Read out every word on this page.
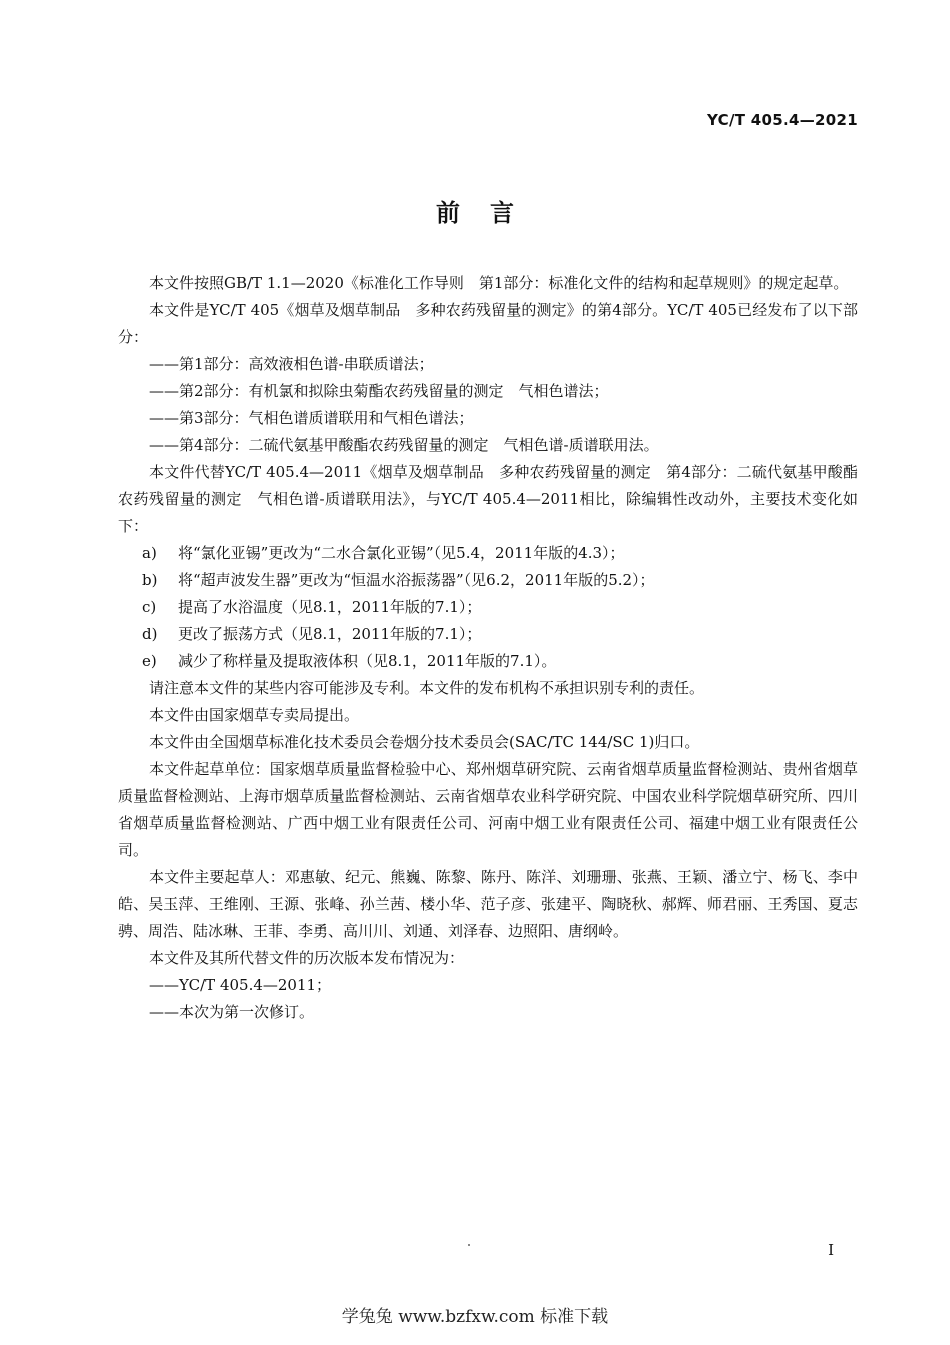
YC/T 405.4—2021
前言

本文件按照GB/T 1.1—2020《标准化工作导则　第1部分：标准化文件的结构和起草规则》的规定起草。

本文件是YC/T 405《烟草及烟草制品　多种农药残留量的测定》的第4部分。YC/T 405已经发布了以下部分：

——第1部分：高效液相色谱-串联质谱法；

——第2部分：有机氯和拟除虫菊酯农药残留量的测定　气相色谱法；

——第3部分：气相色谱质谱联用和气相色谱法；

——第4部分：二硫代氨基甲酸酯农药残留量的测定　气相色谱-质谱联用法。

本文件代替YC/T 405.4—2011《烟草及烟草制品　多种农药残留量的测定　第4部分：二硫代氨基甲酸酯农药残留量的测定　气相色谱-质谱联用法》，与YC/T 405.4—2011相比，除编辑性改动外，主要技术变化如下：

a)	将“氯化亚锡”更改为“二水合氯化亚锡”（见5.4，2011年版的4.3）；

b)	将“超声波发生器”更改为“恒温水浴振荡器”（见6.2，2011年版的5.2）；

c)	提高了水浴温度（见8.1，2011年版的7.1）；

d)	更改了振荡方式（见8.1，2011年版的7.1）；

e)	减少了称样量及提取液体积（见8.1，2011年版的7.1）。

请注意本文件的某些内容可能涉及专利。本文件的发布机构不承担识别专利的责任。

本文件由国家烟草专卖局提出。

本文件由全国烟草标准化技术委员会卷烟分技术委员会(SAC/TC 144/SC 1)归口。

本文件起草单位：国家烟草质量监督检验中心、郑州烟草研究院、云南省烟草质量监督检测站、贵州省烟草质量监督检测站、上海市烟草质量监督检测站、云南省烟草农业科学研究院、中国农业科学院烟草研究所、四川省烟草质量监督检测站、广西中烟工业有限责任公司、河南中烟工业有限责任公司、福建中烟工业有限责任公司。

本文件主要起草人：邓惠敏、纪元、熊巍、陈黎、陈丹、陈洋、刘珊珊、张燕、王颖、潘立宁、杨飞、李中皓、吴玉萍、王维刚、王源、张峰、孙兰茜、楼小华、范子彦、张建平、陶晓秋、郝辉、师君丽、王秀国、夏志骋、周浩、陆冰琳、王菲、李勇、高川川、刘通、刘泽春、边照阳、唐纲岭。

本文件及其所代替文件的历次版本发布情况为：

——YC/T 405.4—2011；

——本次为第一次修订。

I
学兔兔 www.bzfxw.com 标准下载
